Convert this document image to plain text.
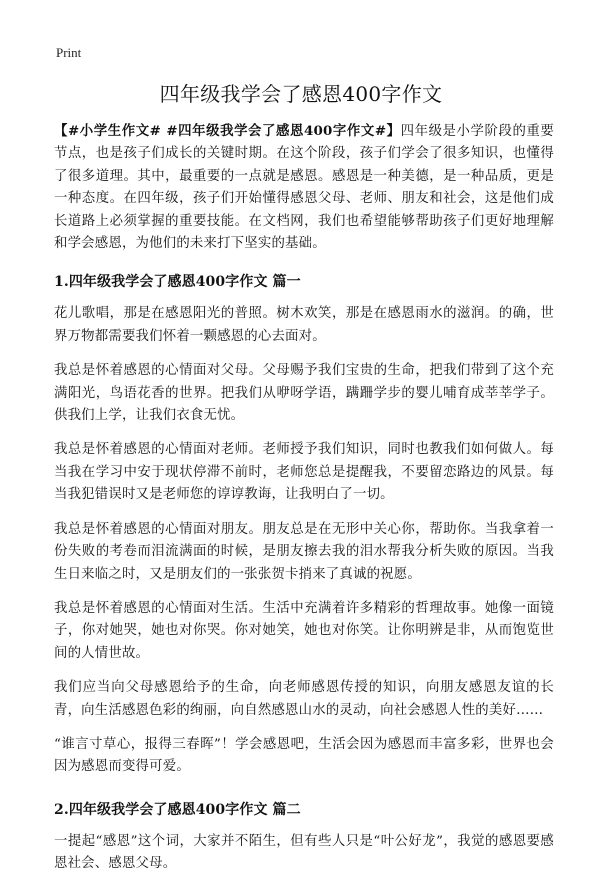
Print
四年级我学会了感恩400字作文

【#小学生作文# #四年级我学会了感恩400字作文#】四年级是小学阶段的重要节点，也是孩子们成长的关键时期。在这个阶段，孩子们学会了很多知识，也懂得了很多道理。其中，最重要的一点就是感恩。感恩是一种美德，是一种品质，更是一种态度。在四年级，孩子们开始懂得感恩父母、老师、朋友和社会，这是他们成长道路上必须掌握的重要技能。在文档网，我们也希望能够帮助孩子们更好地理解和学会感恩，为他们的未来打下坚实的基础。

1.四年级我学会了感恩400字作文 篇一

花儿歌唱，那是在感恩阳光的普照。树木欢笑，那是在感恩雨水的滋润。的确，世界万物都需要我们怀着一颗感恩的心去面对。

我总是怀着感恩的心情面对父母。父母赐予我们宝贵的生命，把我们带到了这个充满阳光，鸟语花香的世界。把我们从咿呀学语，蹒跚学步的婴儿哺育成莘莘学子。供我们上学，让我们衣食无忧。

我总是怀着感恩的心情面对老师。老师授予我们知识，同时也教我们如何做人。每当我在学习中安于现状停滞不前时，老师您总是提醒我，不要留恋路边的风景。每当我犯错误时又是老师您的谆谆教诲，让我明白了一切。

我总是怀着感恩的心情面对朋友。朋友总是在无形中关心你，帮助你。当我拿着一份失败的考卷而泪流满面的时候，是朋友擦去我的泪水帮我分析失败的原因。当我生日来临之时，又是朋友们的一张张贺卡捎来了真诚的祝愿。

我总是怀着感恩的心情面对生活。生活中充满着许多精彩的哲理故事。她像一面镜子，你对她哭，她也对你哭。你对她笑，她也对你笑。让你明辨是非，从而饱览世间的人情世故。

我们应当向父母感恩给予的生命，向老师感恩传授的知识，向朋友感恩友谊的长青，向生活感恩色彩的绚丽，向自然感恩山水的灵动，向社会感恩人性的美好……

“谁言寸草心，报得三春晖”！学会感恩吧，生活会因为感恩而丰富多彩，世界也会因为感恩而变得可爱。

2.四年级我学会了感恩400字作文 篇二

一提起“感恩”这个词，大家并不陌生，但有些人只是“叶公好龙”，我觉的感恩要感恩社会、感恩父母。
